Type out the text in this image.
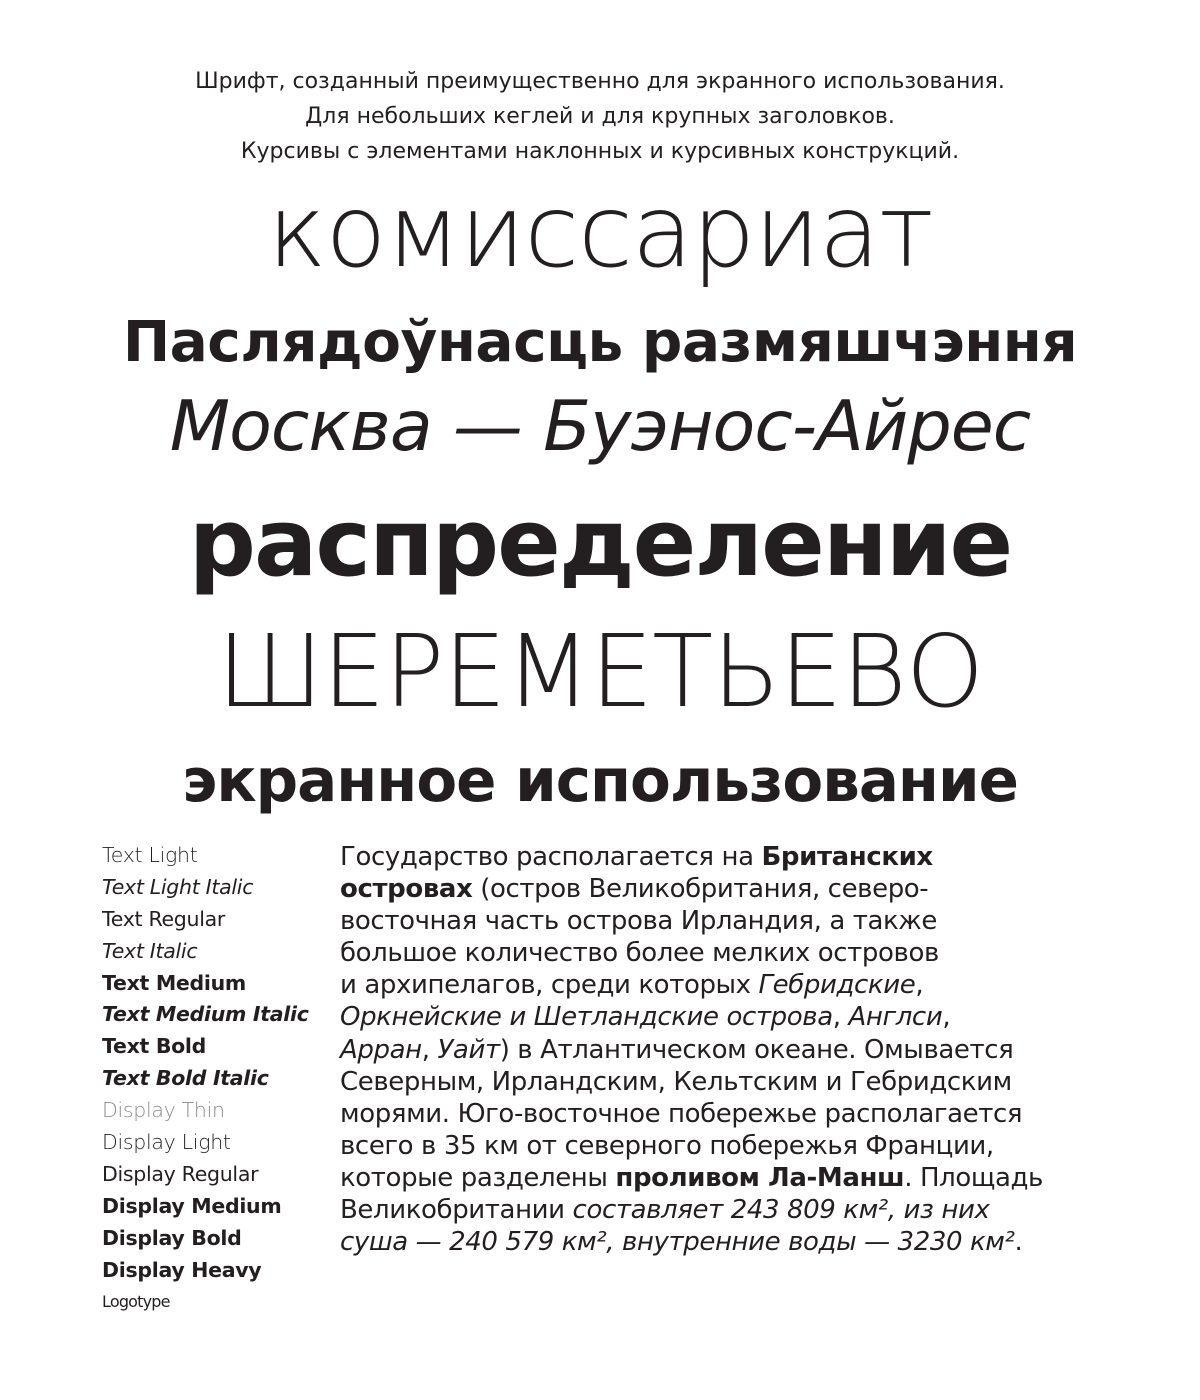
Шрифт, созданный преимущественно для экранного использования.
Для небольших кеглей и для крупных заголовков.
Курсивы с элементами наклонных и курсивных конструкций.
комиссариат
Паслядоўнасць размяшчэння
Москва — Буэнос-Айрес
распределение
ШЕРЕМЕТЬЕВО
экранное использование
Text Light
Text Light Italic
Text Regular
Text Italic
Text Medium
Text Medium Italic
Text Bold
Text Bold Italic
Display Thin
Display Light
Display Regular
Display Medium
Display Bold
Display Heavy
Logotype
Государство располагается на Британских
островах (остров Великобритания, северо-
восточная часть острова Ирландия, а также
большое количество более мелких островов
и архипелагов, среди которых Гебридские,
Оркнейские и Шетландские острова, Англси,
Арран, Уайт) в Атлантическом океане. Омывается
Северным, Ирландским, Кельтским и Гебридским
морями. Юго-восточное побережье располагается
всего в 35 км от северного побережья Франции,
которые разделены проливом Ла-Манш. Площадь
Великобритании составляет 243 809 км², из них
суша — 240 579 км², внутренние воды — 3230 км².
